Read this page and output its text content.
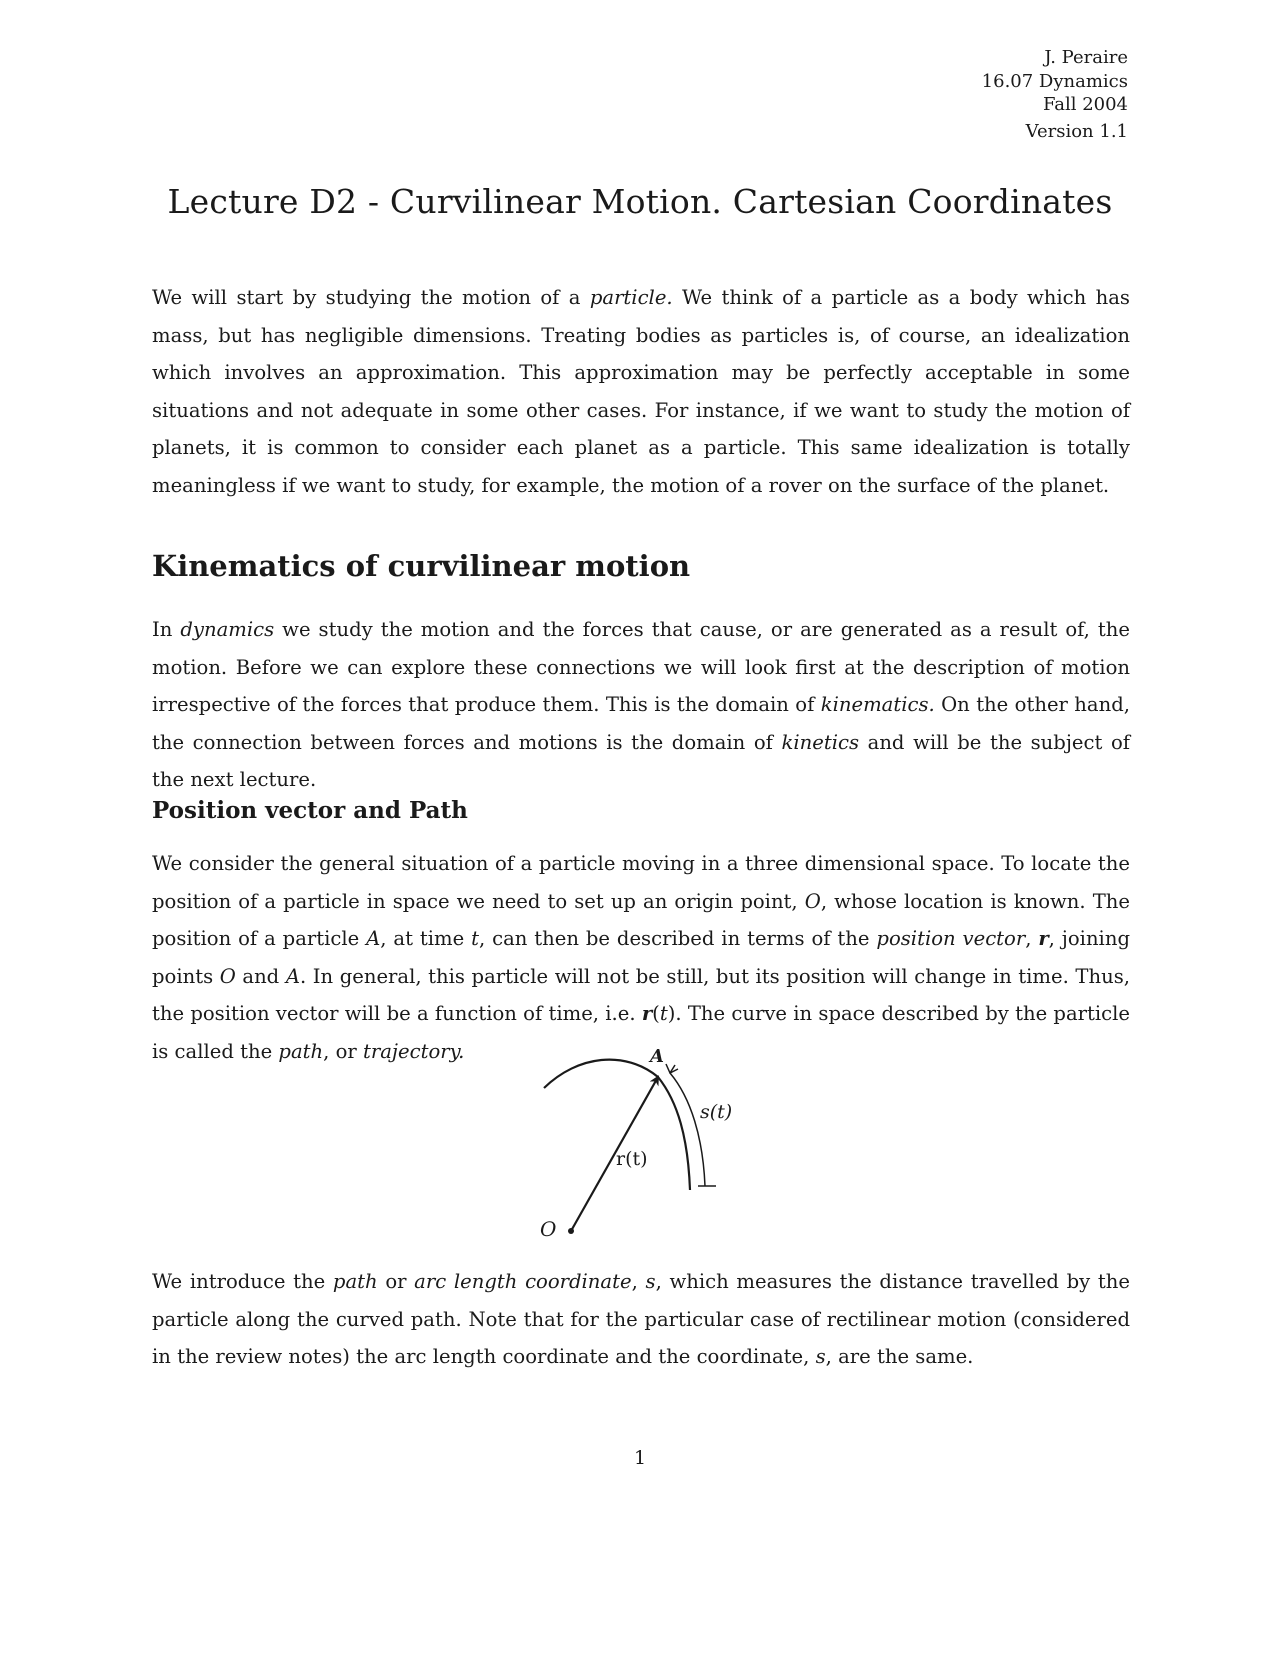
J. Peraire
16.07 Dynamics
Fall 2004
Version 1.1
Lecture D2 - Curvilinear Motion. Cartesian Coordinates

We will start by studying the motion of a particle. We think of a particle as a body which has mass, but has negligible dimensions. Treating bodies as particles is, of course, an idealization which involves an approximation. This approximation may be perfectly acceptable in some situations and not adequate in some other cases. For instance, if we want to study the motion of planets, it is common to consider each planet as a particle. This same idealization is totally meaningless if we want to study, for example, the motion of a rover on the surface of the planet.

Kinematics of curvilinear motion

In dynamics we study the motion and the forces that cause, or are generated as a result of, the motion. Before we can explore these connections we will look first at the description of motion irrespective of the forces that produce them. This is the domain of kinematics. On the other hand, the connection between forces and motions is the domain of kinetics and will be the subject of the next lecture.

Position vector and Path

We consider the general situation of a particle moving in a three dimensional space. To locate the position of a particle in space we need to set up an origin point, O, whose location is known. The position of a particle A, at time t, can then be described in terms of the position vector, r, joining points O and A. In general, this particle will not be still, but its position will change in time. Thus, the position vector will be a function of time, i.e. r(t). The curve in space described by the particle is called the path, or trajectory.	A
O
r(t)
s(t)

We introduce the path or arc length coordinate, s, which measures the distance travelled by the particle along the curved path. Note that for the particular case of rectilinear motion (considered in the review notes) the arc length coordinate and the coordinate, s, are the same.

1
